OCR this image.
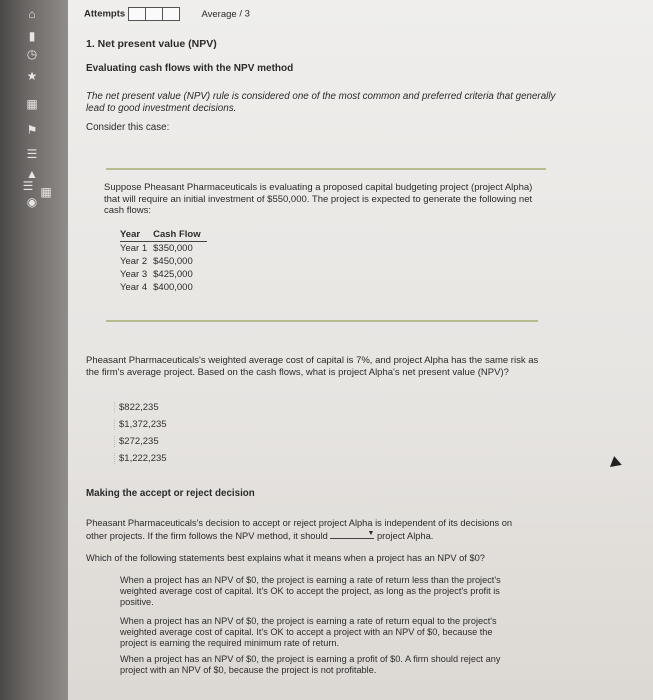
⌂
▮
◷
★
▦
⚑
☰
▲
☰ ▦
◉
Attempts	Average / 3
1. Net present value (NPV)
Evaluating cash flows with the NPV method
The net present value (NPV) rule is considered one of the most common and preferred criteria that generally lead to good investment decisions.
Consider this case:
Suppose Pheasant Pharmaceuticals is evaluating a proposed capital budgeting project (project Alpha) that will require an initial investment of $550,000. The project is expected to generate the following net cash flows:
Year	Cash Flow
Year 1	$350,000
Year 2	$450,000
Year 3	$425,000
Year 4	$400,000
Pheasant Pharmaceuticals's weighted average cost of capital is 7%, and project Alpha has the same risk as the firm's average project. Based on the cash flows, what is project Alpha's net present value (NPV)?
$822,235
$1,372,235
$272,235
$1,222,235
Making the accept or reject decision
Pheasant Pharmaceuticals's decision to accept or reject project Alpha is independent of its decisions on other projects. If the firm follows the NPV method, it should	▼ project Alpha.
Which of the following statements best explains what it means when a project has an NPV of $0?
When a project has an NPV of $0, the project is earning a rate of return less than the project's weighted average cost of capital. It's OK to accept the project, as long as the project's profit is positive.
When a project has an NPV of $0, the project is earning a rate of return equal to the project's weighted average cost of capital. It's OK to accept a project with an NPV of $0, because the project is earning the required minimum rate of return.
When a project has an NPV of $0, the project is earning a profit of $0. A firm should reject any project with an NPV of $0, because the project is not profitable.
